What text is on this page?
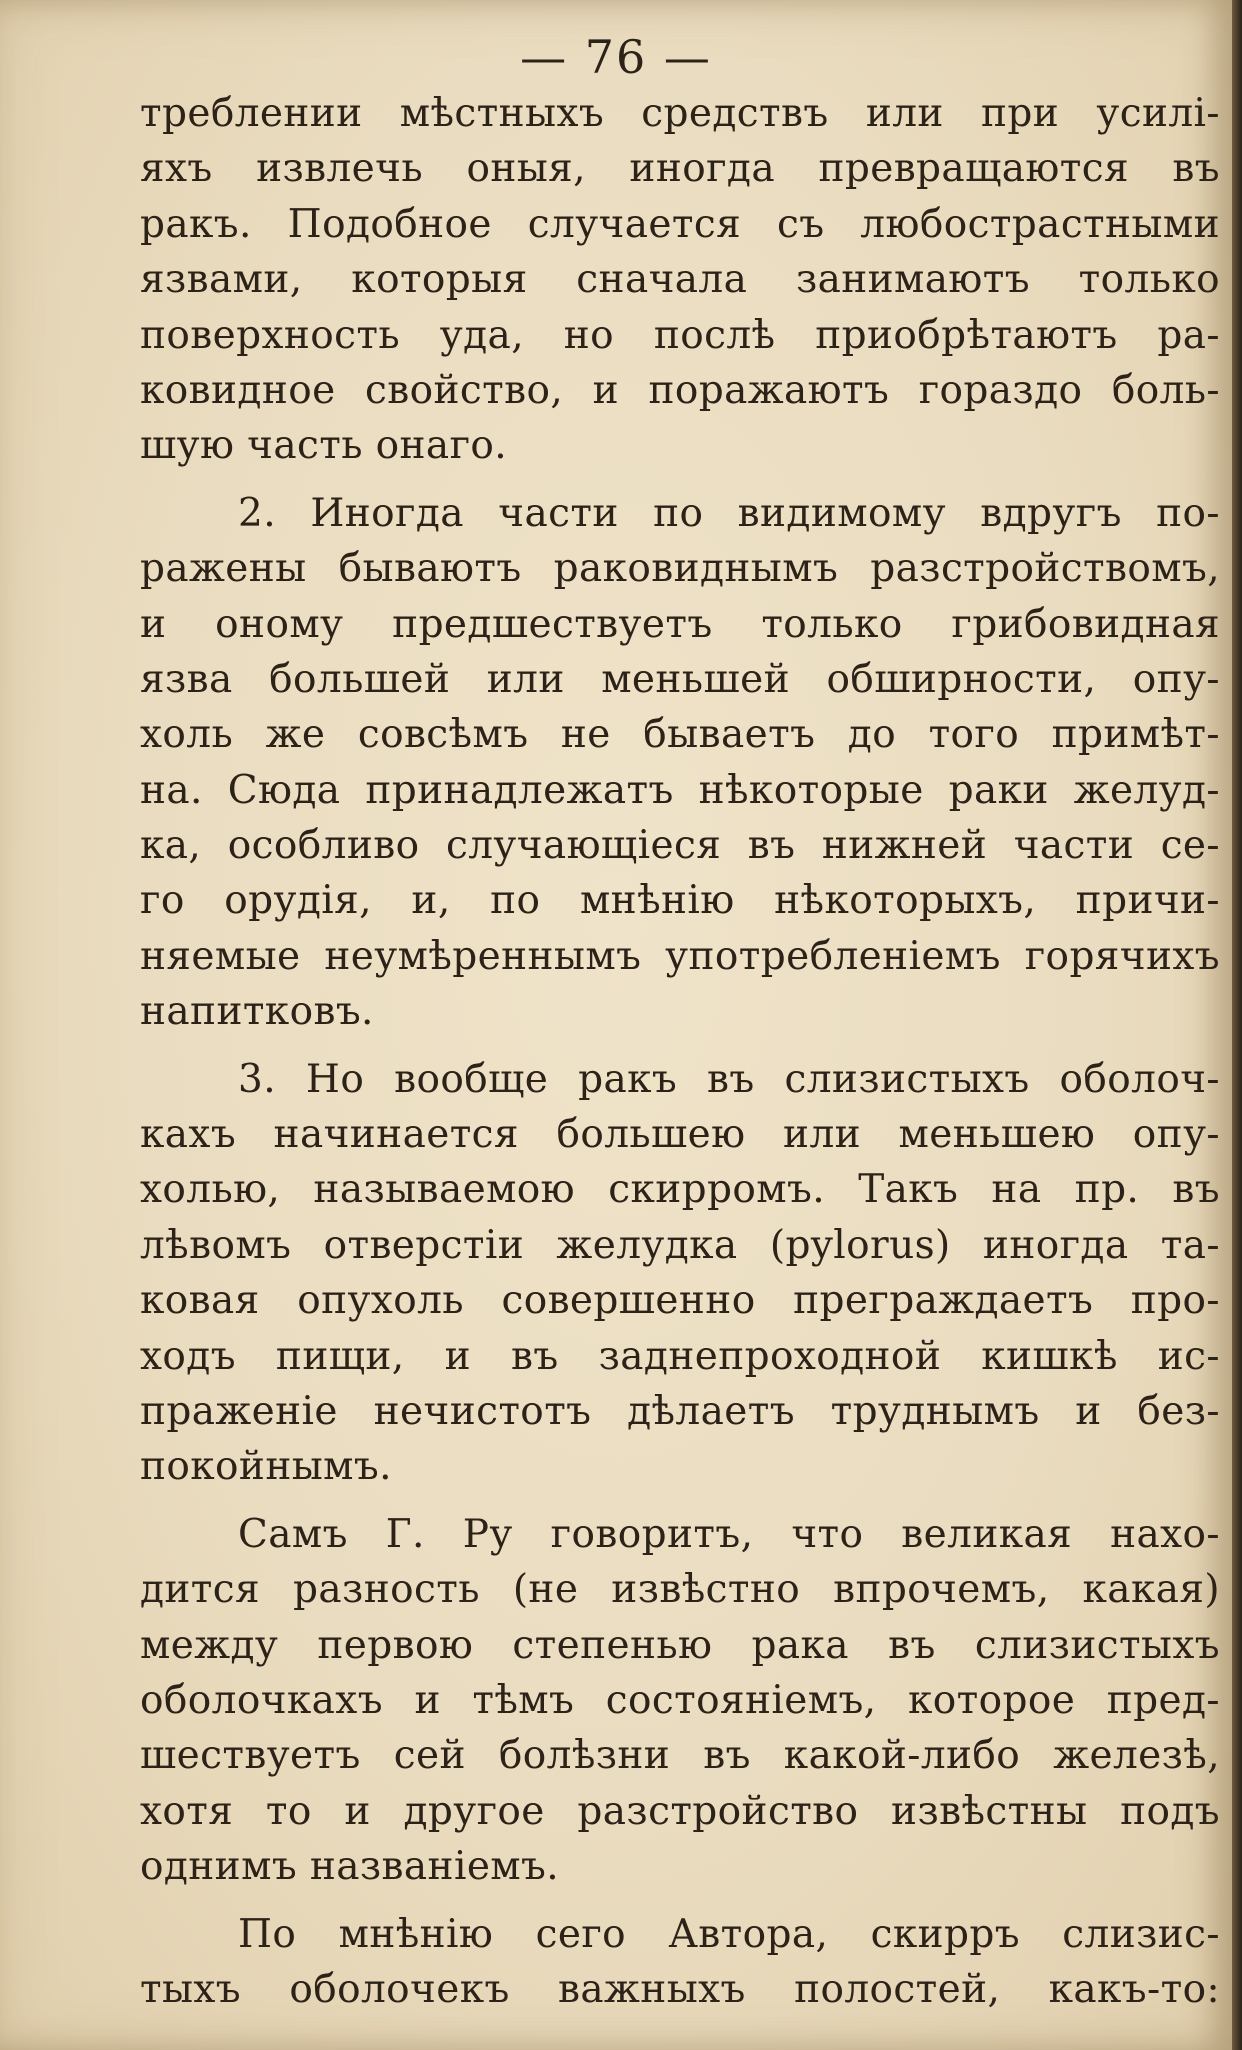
— 76 —
треблении мѣстныхъ средствъ или при усилі-
яхъ извлечь оныя, иногда превращаются въ
ракъ. Подобное случается съ любострастными
язвами, которыя сначала занимаютъ только
поверхность уда, но послѣ приобрѣтаютъ ра-
ковидное свойство, и поражаютъ гораздо боль-
шую часть онаго.
2. Иногда части по видимому вдругъ по-
ражены бываютъ раковиднымъ разстройствомъ,
и оному предшествуетъ только грибовидная
язва большей или меньшей обширности, опу-
холь же совсѣмъ не бываетъ до того примѣт-
на. Сюда принадлежатъ нѣкоторые раки желуд-
ка, особливо случающіеся въ нижней части се-
го орудія, и, по мнѣнію нѣкоторыхъ, причи-
няемые неумѣреннымъ употребленіемъ горячихъ
напитковъ.
3. Но вообще ракъ въ слизистыхъ оболоч-
кахъ начинается большею или меньшею опу-
холью, называемою скирромъ. Такъ на пр. въ
лѣвомъ отверстіи желудка (pylorus) иногда та-
ковая опухоль совершенно преграждаетъ про-
ходъ пищи, и въ заднепроходной кишкѣ ис-
праженіе нечистотъ дѣлаетъ труднымъ и без-
покойнымъ.
Самъ Г. Ру говоритъ, что великая нахо-
дится разность (не извѣстно впрочемъ, какая)
между первою степенью рака въ слизистыхъ
оболочкахъ и тѣмъ состояніемъ, которое пред-
шествуетъ сей болѣзни въ какой-либо железѣ,
хотя то и другое разстройство извѣстны подъ
однимъ названіемъ.
По мнѣнію сего Автора, скирръ слизис-
тыхъ оболочекъ важныхъ полостей, какъ-то:
